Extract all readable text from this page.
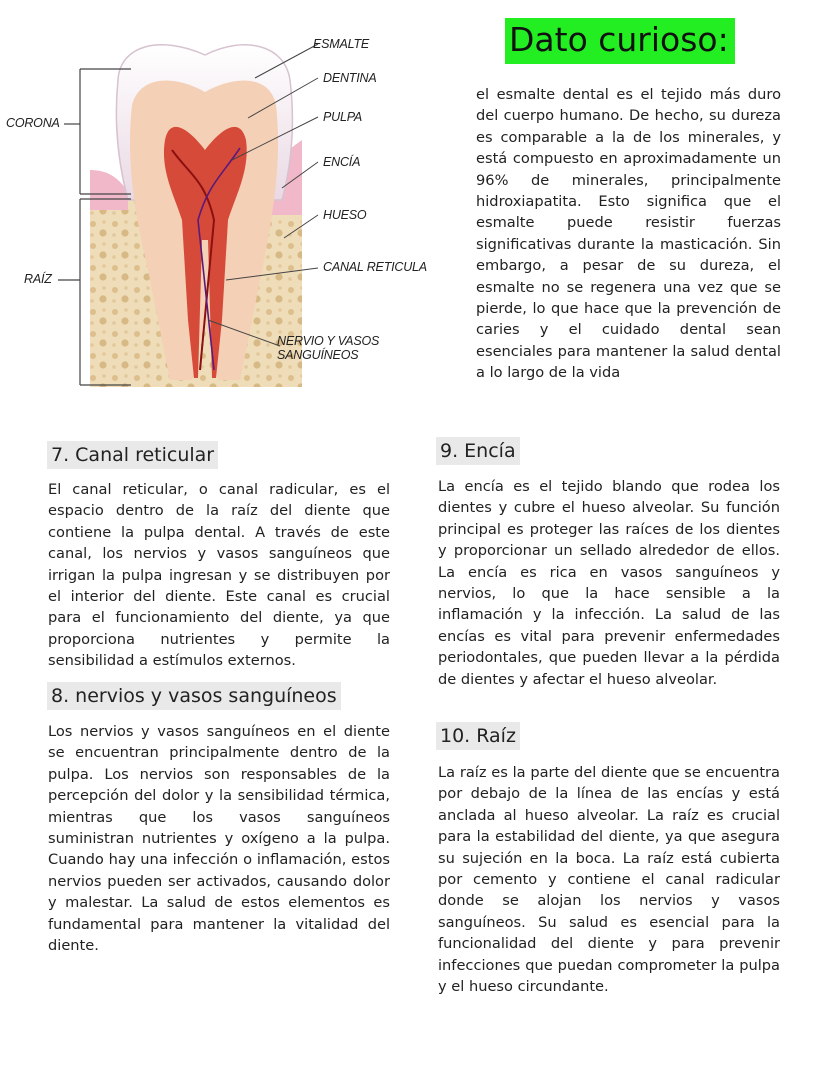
ESMALTE
DENTINA
PULPA
ENCÍA
HUESO
CANAL RETICULA
NERVIO Y VASOS
SANGUÍNEOS
CORONA
RAÍZ
Dato curioso:

el esmalte dental es el tejido más duro del cuerpo humano. De hecho, su dureza es comparable a la de los minerales, y está compuesto en aproximadamente un 96% de minerales, principalmente hidroxiapatita. Esto significa que el esmalte puede resistir fuerzas significativas durante la masticación. Sin embargo, a pesar de su dureza, el esmalte no se regenera una vez que se pierde, lo que hace que la prevención de caries y el cuidado dental sean esenciales para mantener la salud dental a lo largo de la vida

7. Canal reticular

El canal reticular, o canal radicular, es el espacio dentro de la raíz del diente que contiene la pulpa dental. A través de este canal, los nervios y vasos sanguíneos que irrigan la pulpa ingresan y se distribuyen por el interior del diente. Este canal es crucial para el funcionamiento del diente, ya que proporciona nutrientes y permite la sensibilidad a estímulos externos.

8. nervios y vasos sanguíneos

Los nervios y vasos sanguíneos en el diente se encuentran principalmente dentro de la pulpa. Los nervios son responsables de la percepción del dolor y la sensibilidad térmica, mientras que los vasos sanguíneos suministran nutrientes y oxígeno a la pulpa. Cuando hay una infección o inflamación, estos nervios pueden ser activados, causando dolor y malestar. La salud de estos elementos es fundamental para mantener la vitalidad del diente.

9. Encía

La encía es el tejido blando que rodea los dientes y cubre el hueso alveolar. Su función principal es proteger las raíces de los dientes y proporcionar un sellado alrededor de ellos. La encía es rica en vasos sanguíneos y nervios, lo que la hace sensible a la inflamación y la infección. La salud de las encías es vital para prevenir enfermedades periodontales, que pueden llevar a la pérdida de dientes y afectar el hueso alveolar.

10. Raíz

La raíz es la parte del diente que se encuentra por debajo de la línea de las encías y está anclada al hueso alveolar. La raíz es crucial para la estabilidad del diente, ya que asegura su sujeción en la boca. La raíz está cubierta por cemento y contiene el canal radicular donde se alojan los nervios y vasos sanguíneos. Su salud es esencial para la funcionalidad del diente y para prevenir infecciones que puedan comprometer la pulpa y el hueso circundante.
